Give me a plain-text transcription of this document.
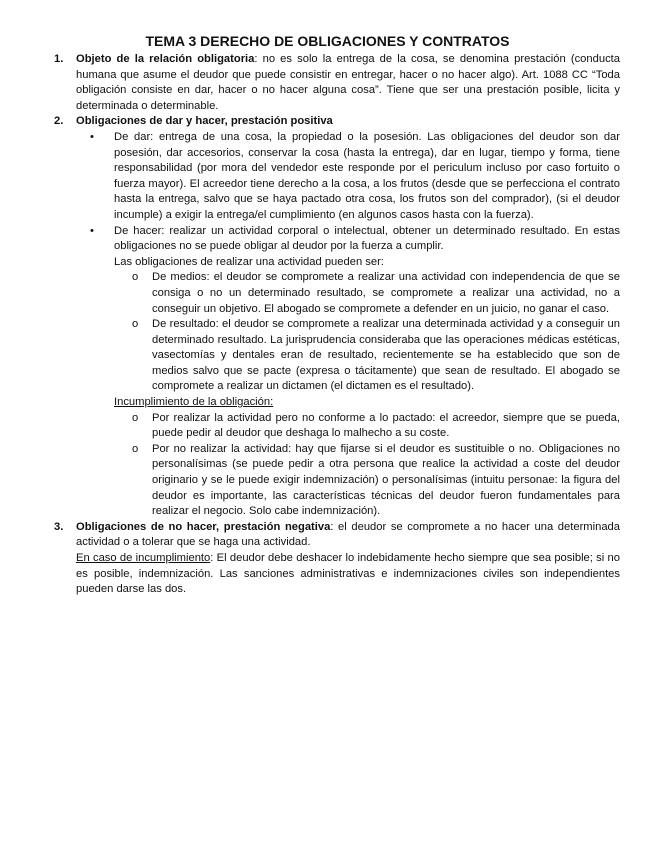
TEMA 3 DERECHO DE OBLIGACIONES Y CONTRATOS
1. Objeto de la relación obligatoria: no es solo la entrega de la cosa, se denomina prestación (conducta humana que asume el deudor que puede consistir en entregar, hacer o no hacer algo). Art. 1088 CC “Toda obligación consiste en dar, hacer o no hacer alguna cosa”. Tiene que ser una prestación posible, licita y determinada o determinable.
2. Obligaciones de dar y hacer, prestación positiva
• De dar: entrega de una cosa, la propiedad o la posesión. Las obligaciones del deudor son dar posesión, dar accesorios, conservar la cosa (hasta la entrega), dar en lugar, tiempo y forma, tiene responsabilidad (por mora del vendedor este responde por el periculum incluso por caso fortuito o fuerza mayor). El acreedor tiene derecho a la cosa, a los frutos (desde que se perfecciona el contrato hasta la entrega, salvo que se haya pactado otra cosa, los frutos son del comprador), (si el deudor incumple) a exigir la entrega/el cumplimiento (en algunos casos hasta con la fuerza).
• De hacer: realizar un actividad corporal o intelectual, obtener un determinado resultado. En estas obligaciones no se puede obligar al deudor por la fuerza a cumplir.
Las obligaciones de realizar una actividad pueden ser:
o De medios: el deudor se compromete a realizar una actividad con independencia de que se consiga o no un determinado resultado, se compromete a realizar una actividad, no a conseguir un objetivo. El abogado se compromete a defender en un juicio, no ganar el caso.
o De resultado: el deudor se compromete a realizar una determinada actividad y a conseguir un determinado resultado. La jurisprudencia consideraba que las operaciones médicas estéticas, vasectomías y dentales eran de resultado, recientemente se ha establecido que son de medios salvo que se pacte (expresa o tácitamente) que sean de resultado. El abogado se compromete a realizar un dictamen (el dictamen es el resultado).
Incumplimiento de la obligación:
o Por realizar la actividad pero no conforme a lo pactado: el acreedor, siempre que se pueda, puede pedir al deudor que deshaga lo malhecho a su coste.
o Por no realizar la actividad: hay que fijarse si el deudor es sustituible o no. Obligaciones no personalísimas (se puede pedir a otra persona que realice la actividad a coste del deudor originario y se le puede exigir indemnización) o personalísimas (intuitu personae: la figura del deudor es importante, las características técnicas del deudor fueron fundamentales para realizar el negocio. Solo cabe indemnización).
3. Obligaciones de no hacer, prestación negativa: el deudor se compromete a no hacer una determinada actividad o a tolerar que se haga una actividad.
En caso de incumplimiento: El deudor debe deshacer lo indebidamente hecho siempre que sea posible; si no es posible, indemnización. Las sanciones administrativas e indemnizaciones civiles son independientes pueden darse las dos.
